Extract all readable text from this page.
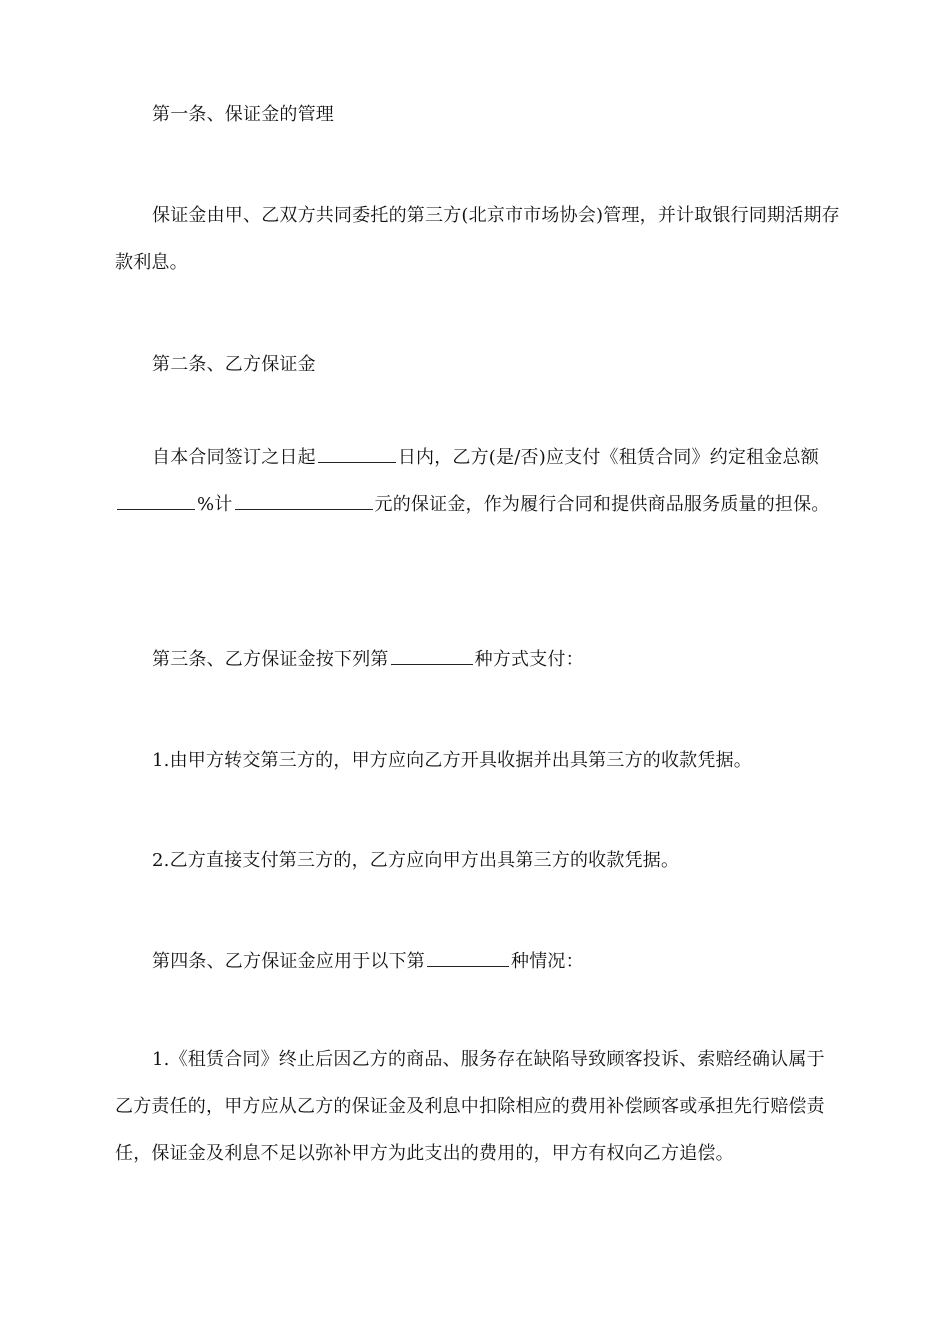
第一条、保证金的管理

保证金由甲、乙双方共同委托的第三方(北京市市场协会)管理，并计取银行同期活期存款利息。

第二条、乙方保证金

自本合同签订之日起	日内，乙方(是/否)应支付《租赁合同》约定租金总额%计	元的保证金，作为履行合同和提供商品服务质量的担保。

第三条、乙方保证金按下列第	种方式支付：

1.由甲方转交第三方的，甲方应向乙方开具收据并出具第三方的收款凭据。

2.乙方直接支付第三方的，乙方应向甲方出具第三方的收款凭据。

第四条、乙方保证金应用于以下第	种情况：

1.《租赁合同》终止后因乙方的商品、服务存在缺陷导致顾客投诉、索赔经确认属于乙方责任的，甲方应从乙方的保证金及利息中扣除相应的费用补偿顾客或承担先行赔偿责任，保证金及利息不足以弥补甲方为此支出的费用的，甲方有权向乙方追偿。
